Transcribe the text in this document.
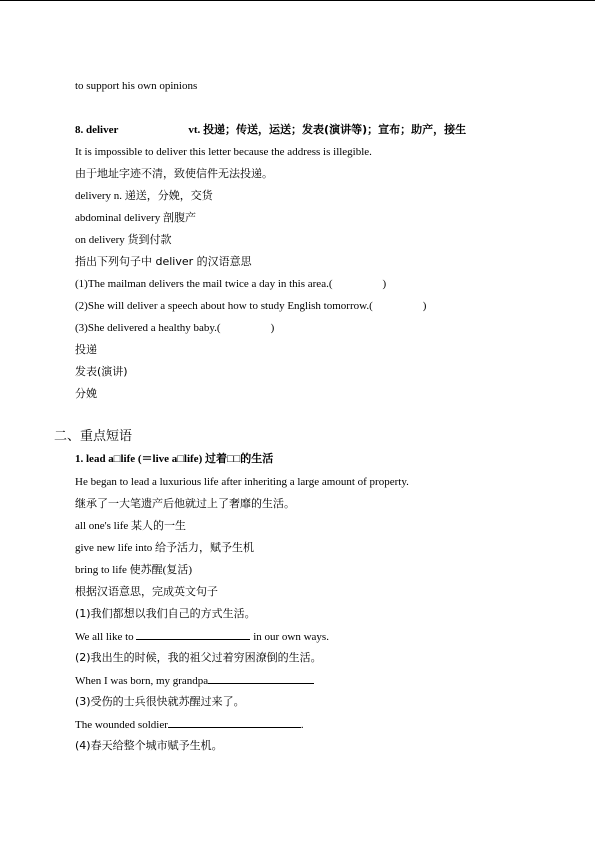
to support his own opinions
8. deliver	vt. 投递；传送，运送；发表(演讲等)；宣布；助产，接生
It is impossible to deliver this letter because the address is illegible.
由于地址字迹不清，致使信件无法投递。
delivery n. 递送，分娩，交货
abdominal delivery 剖腹产
on delivery 货到付款
指出下列句子中 deliver 的汉语意思
(1)The mailman delivers the mail twice a day in this area.(	)
(2)She will deliver a speech about how to study English tomorrow.(	)
(3)She delivered a healthy baby.(	)
投递
发表(演讲)
分娩
二、重点短语
1. lead a□life (＝live a□life) 过着□□的生活
He began to lead a luxurious life after inheriting a large amount of property.
继承了一大笔遗产后他就过上了奢靡的生活。
all one's life 某人的一生
give new life into 给予活力，赋予生机
bring to life 使苏醒(复活)
根据汉语意思，完成英文句子
(1)我们都想以我们自己的方式生活。
We all like to	in our own ways.
(2)我出生的时候，我的祖父过着穷困潦倒的生活。
When I was born, my grandpa
(3)受伤的士兵很快就苏醒过来了。
The wounded soldier	.
(4)春天给整个城市赋予生机。
